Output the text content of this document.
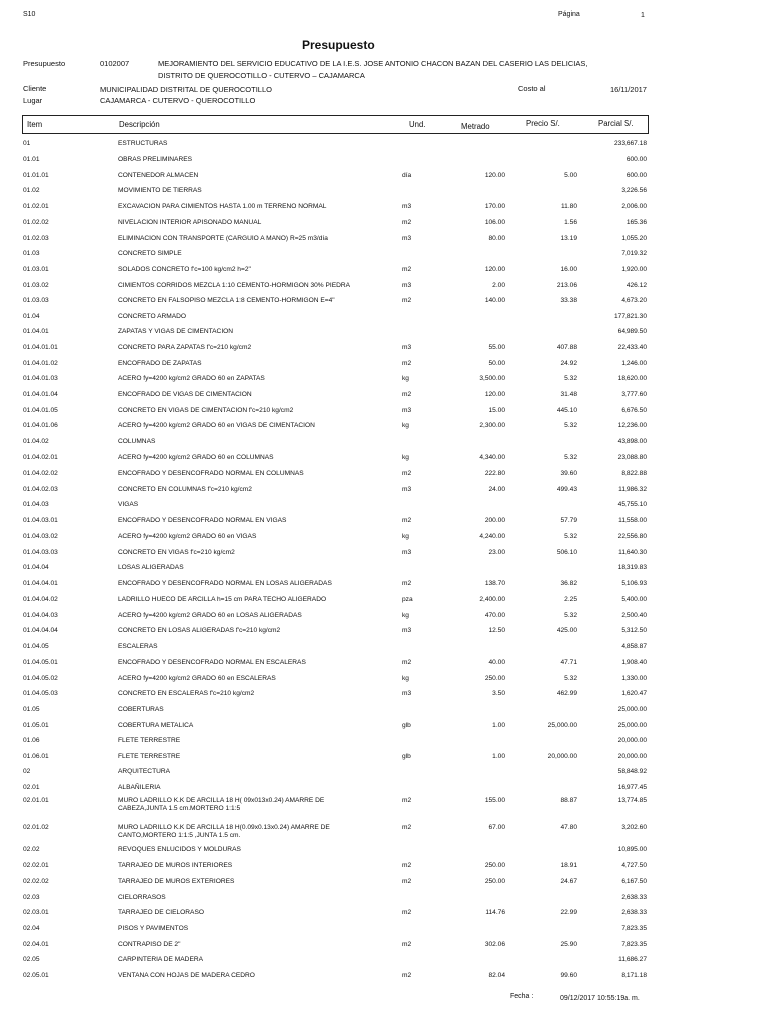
S10	Página	1
Presupuesto
Presupuesto	0102007	MEJORAMIENTO DEL SERVICIO EDUCATIVO DE LA I.E.S. JOSE ANTONIO CHACON BAZAN DEL CASERIO LAS DELICIAS,
DISTRITO DE QUEROCOTILLO - CUTERVO – CAJAMARCA
Cliente	MUNICIPALIDAD DISTRITAL DE QUEROCOTILLO	Costo al	16/11/2017
Lugar	CAJAMARCA - CUTERVO - QUEROCOTILLO
Item	Descripción	Und.	Metrado	Precio S/.	Parcial S/.
01	ESTRUCTURAS	233,667.18
01.01	OBRAS PRELIMINARES	600.00
01.01.01	CONTENEDOR ALMACEN	día	120.00	5.00	600.00
01.02	MOVIMIENTO DE TIERRAS	3,226.56
01.02.01	EXCAVACION PARA CIMIENTOS HASTA 1.00 m TERRENO NORMAL	m3	170.00	11.80	2,006.00
01.02.02	NIVELACION INTERIOR APISONADO MANUAL	m2	106.00	1.56	165.36
01.02.03	ELIMINACION CON TRANSPORTE (CARGUIO A MANO) R=25 m3/día	m3	80.00	13.19	1,055.20
01.03	CONCRETO SIMPLE	7,019.32
01.03.01	SOLADOS CONCRETO f'c=100 kg/cm2 h=2"	m2	120.00	16.00	1,920.00
01.03.02	CIMIENTOS CORRIDOS MEZCLA 1:10 CEMENTO-HORMIGON 30% PIEDRA	m3	2.00	213.06	426.12
01.03.03	CONCRETO EN FALSOPISO MEZCLA 1:8 CEMENTO-HORMIGON E=4"	m2	140.00	33.38	4,673.20
01.04	CONCRETO ARMADO	177,821.30
01.04.01	ZAPATAS Y VIGAS DE CIMENTACION	64,989.50
01.04.01.01	CONCRETO PARA ZAPATAS f'c=210 kg/cm2	m3	55.00	407.88	22,433.40
01.04.01.02	ENCOFRADO DE ZAPATAS	m2	50.00	24.92	1,246.00
01.04.01.03	ACERO fy=4200 kg/cm2 GRADO 60 en ZAPATAS	kg	3,500.00	5.32	18,620.00
01.04.01.04	ENCOFRADO DE VIGAS DE CIMENTACION	m2	120.00	31.48	3,777.60
01.04.01.05	CONCRETO EN VIGAS DE CIMENTACION f'c=210 kg/cm2	m3	15.00	445.10	6,676.50
01.04.01.06	ACERO fy=4200 kg/cm2 GRADO 60 en VIGAS DE CIMENTACION	kg	2,300.00	5.32	12,236.00
01.04.02	COLUMNAS	43,898.00
01.04.02.01	ACERO fy=4200 kg/cm2 GRADO 60 en COLUMNAS	kg	4,340.00	5.32	23,088.80
01.04.02.02	ENCOFRADO Y DESENCOFRADO NORMAL EN COLUMNAS	m2	222.80	39.60	8,822.88
01.04.02.03	CONCRETO EN COLUMNAS f'c=210 kg/cm2	m3	24.00	499.43	11,986.32
01.04.03	VIGAS	45,755.10
01.04.03.01	ENCOFRADO Y DESENCOFRADO NORMAL EN VIGAS	m2	200.00	57.79	11,558.00
01.04.03.02	ACERO fy=4200 kg/cm2 GRADO 60 en VIGAS	kg	4,240.00	5.32	22,556.80
01.04.03.03	CONCRETO EN VIGAS f'c=210 kg/cm2	m3	23.00	506.10	11,640.30
01.04.04	LOSAS ALIGERADAS	18,319.83
01.04.04.01	ENCOFRADO Y DESENCOFRADO NORMAL EN LOSAS ALIGERADAS	m2	138.70	36.82	5,106.93
01.04.04.02	LADRILLO HUECO DE ARCILLA h=15 cm PARA TECHO ALIGERADO	pza	2,400.00	2.25	5,400.00
01.04.04.03	ACERO fy=4200 kg/cm2 GRADO 60 en LOSAS ALIGERADAS	kg	470.00	5.32	2,500.40
01.04.04.04	CONCRETO EN LOSAS ALIGERADAS f'c=210 kg/cm2	m3	12.50	425.00	5,312.50
01.04.05	ESCALERAS	4,858.87
01.04.05.01	ENCOFRADO Y DESENCOFRADO NORMAL EN ESCALERAS	m2	40.00	47.71	1,908.40
01.04.05.02	ACERO fy=4200 kg/cm2 GRADO 60 en ESCALERAS	kg	250.00	5.32	1,330.00
01.04.05.03	CONCRETO EN ESCALERAS f'c=210 kg/cm2	m3	3.50	462.99	1,620.47
01.05	COBERTURAS	25,000.00
01.05.01	COBERTURA METALICA	glb	1.00	25,000.00	25,000.00
01.06	FLETE TERRESTRE	20,000.00
01.06.01	FLETE TERRESTRE	glb	1.00	20,000.00	20,000.00
02	ARQUITECTURA	58,848.92
02.01	ALBAÑILERIA	16,977.45
02.01.01	MURO LADRILLO K.K DE ARCILLA 18 H( 09x013x0.24) AMARRE DE CABEZA,JUNTA 1.5 cm.MORTERO 1:1:5
m2	155.00	88.87	13,774.85
02.01.02	MURO LADRILLO K.K DE ARCILLA 18 H(0.09x0.13x0.24) AMARRE DE CANTO,MORTERO 1:1:5 ,JUNTA 1.5 cm.
m2	67.00	47.80	3,202.60
02.02	REVOQUES ENLUCIDOS Y MOLDURAS	10,895.00
02.02.01	TARRAJEO DE MUROS INTERIORES	m2	250.00	18.91	4,727.50
02.02.02	TARRAJEO DE MUROS EXTERIORES	m2	250.00	24.67	6,167.50
02.03	CIELORRASOS	2,638.33
02.03.01	TARRAJEO DE CIELORASO	m2	114.76	22.99	2,638.33
02.04	PISOS Y PAVIMENTOS	7,823.35
02.04.01	CONTRAPISO DE 2"	m2	302.06	25.90	7,823.35
02.05	CARPINTERIA DE MADERA	11,686.27
02.05.01	VENTANA CON HOJAS DE MADERA CEDRO	m2	82.04	99.60	8,171.18
Fecha :	09/12/2017 10:55:19a. m.
